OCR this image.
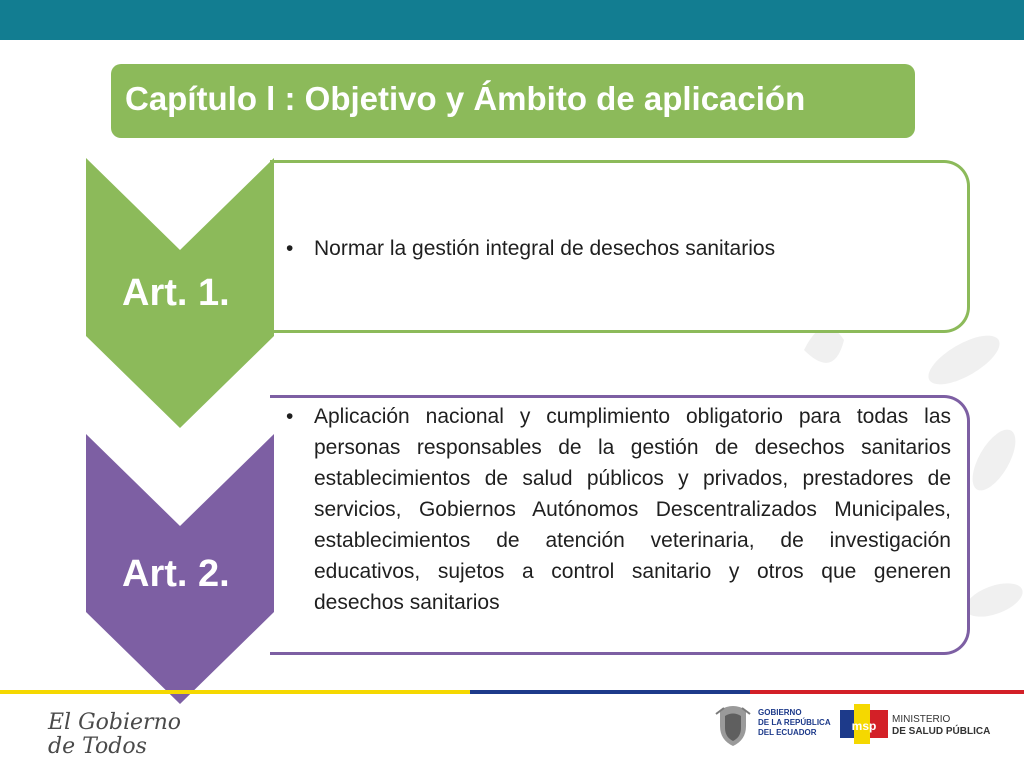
Capítulo l : Objetivo y Ámbito de aplicación
• Normar la gestión integral de desechos sanitarios
• Aplicación nacional y cumplimiento obligatorio para todas las personas responsables de la gestión de desechos sanitarios establecimientos de salud públicos y privados, prestadores de servicios, Gobiernos Autónomos Descentralizados Municipales, establecimientos de atención veterinaria, de investigación educativos, sujetos a control sanitario y otros que generen desechos sanitarios
Art. 1.
Art. 2.
El Gobierno
de Todos
GOBIERNO
DE LA REPÚBLICA
DEL ECUADOR	msp MINISTERIO
DE SALUD PÚBLICA
